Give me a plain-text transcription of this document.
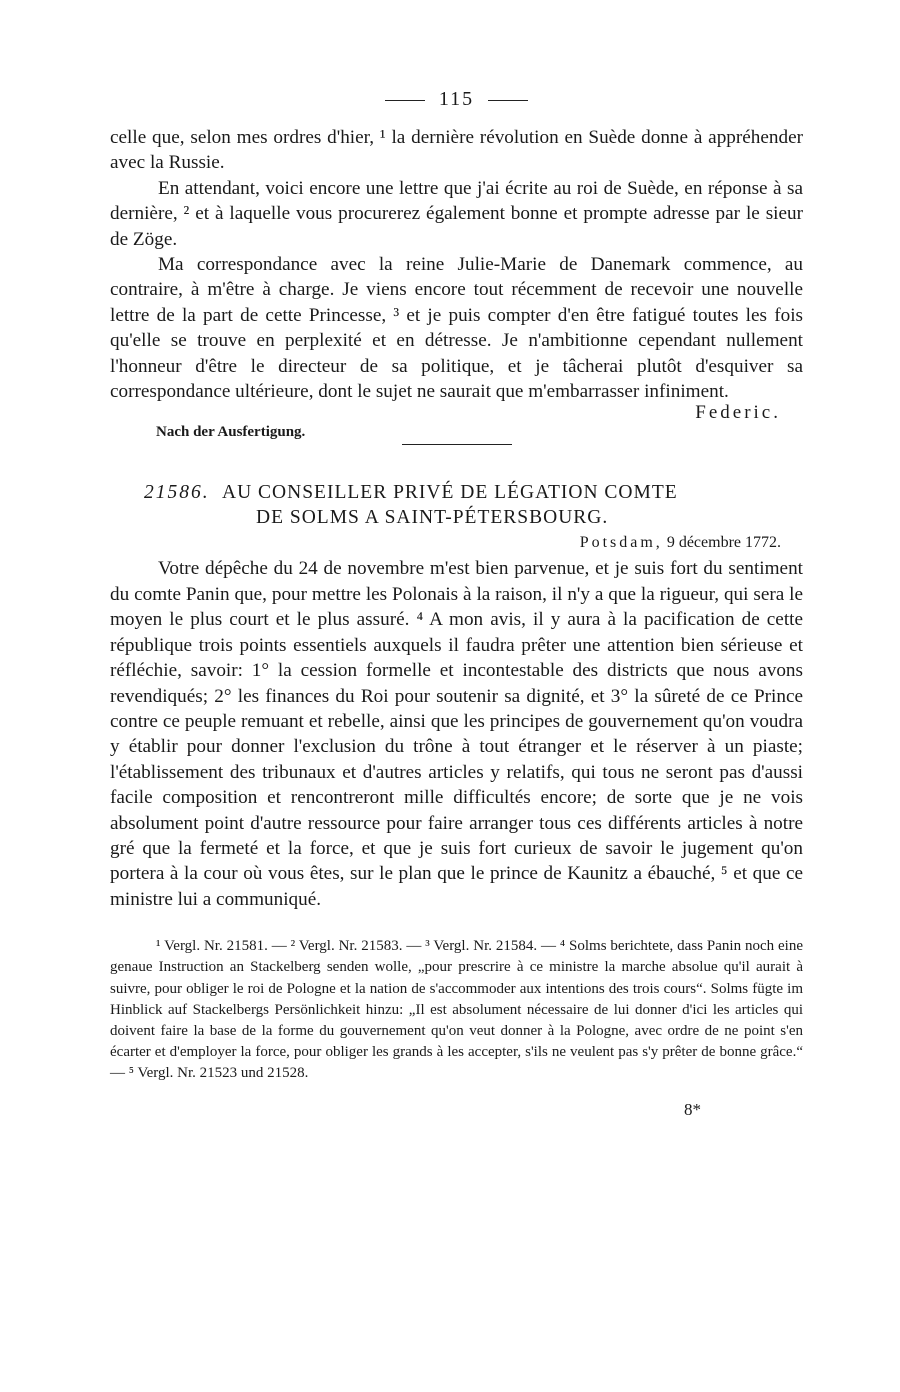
115

celle que, selon mes ordres d'hier, ¹ la dernière révolution en Suède donne à appréhender avec la Russie.

En attendant, voici encore une lettre que j'ai écrite au roi de Suède, en réponse à sa dernière, ² et à laquelle vous procurerez également bonne et prompte adresse par le sieur de Zöge.

Ma correspondance avec la reine Julie-Marie de Danemark commence, au contraire, à m'être à charge. Je viens encore tout récemment de recevoir une nouvelle lettre de la part de cette Princesse, ³ et je puis compter d'en être fatigué toutes les fois qu'elle se trouve en perplexité et en détresse. Je n'ambitionne cependant nullement l'honneur d'être le directeur de sa politique, et je tâcherai plutôt d'esquiver sa correspondance ultérieure, dont le sujet ne saurait que m'embarrasser infiniment.

Federic.
Nach der Ausfertigung.
21586. AU CONSEILLER PRIVÉ DE LÉGATION COMTE
DE SOLMS A SAINT-PÉTERSBOURG.
Potsdam, 9 décembre 1772.

Votre dépêche du 24 de novembre m'est bien parvenue, et je suis fort du sentiment du comte Panin que, pour mettre les Polonais à la raison, il n'y a que la rigueur, qui sera le moyen le plus court et le plus assuré. ⁴ A mon avis, il y aura à la pacification de cette république trois points essentiels auxquels il faudra prêter une attention bien sérieuse et réfléchie, savoir: 1° la cession formelle et incontestable des districts que nous avons revendiqués; 2° les finances du Roi pour soutenir sa dignité, et 3° la sûreté de ce Prince contre ce peuple remuant et rebelle, ainsi que les principes de gouvernement qu'on voudra y établir pour donner l'exclusion du trône à tout étranger et le réserver à un piaste; l'établissement des tribunaux et d'autres articles y relatifs, qui tous ne seront pas d'aussi facile composition et rencontreront mille difficultés encore; de sorte que je ne vois absolument point d'autre ressource pour faire arranger tous ces différents articles à notre gré que la fermeté et la force, et que je suis fort curieux de savoir le jugement qu'on portera à la cour où vous êtes, sur le plan que le prince de Kaunitz a ébauché, ⁵ et que ce ministre lui a communiqué.

¹ Vergl. Nr. 21581. — ² Vergl. Nr. 21583. — ³ Vergl. Nr. 21584. — ⁴ Solms berichtete, dass Panin noch eine genaue Instruction an Stackelberg senden wolle, „pour prescrire à ce ministre la marche absolue qu'il aurait à suivre, pour obliger le roi de Pologne et la nation de s'accommoder aux intentions des trois cours“. Solms fügte im Hinblick auf Stackelbergs Persönlichkeit hinzu: „Il est absolument nécessaire de lui donner d'ici les articles qui doivent faire la base de la forme du gouvernement qu'on veut donner à la Pologne, avec ordre de ne point s'en écarter et d'employer la force, pour obliger les grands à les accepter, s'ils ne veulent pas s'y prêter de bonne grâce.“ — ⁵ Vergl. Nr. 21523 und 21528.

8*
